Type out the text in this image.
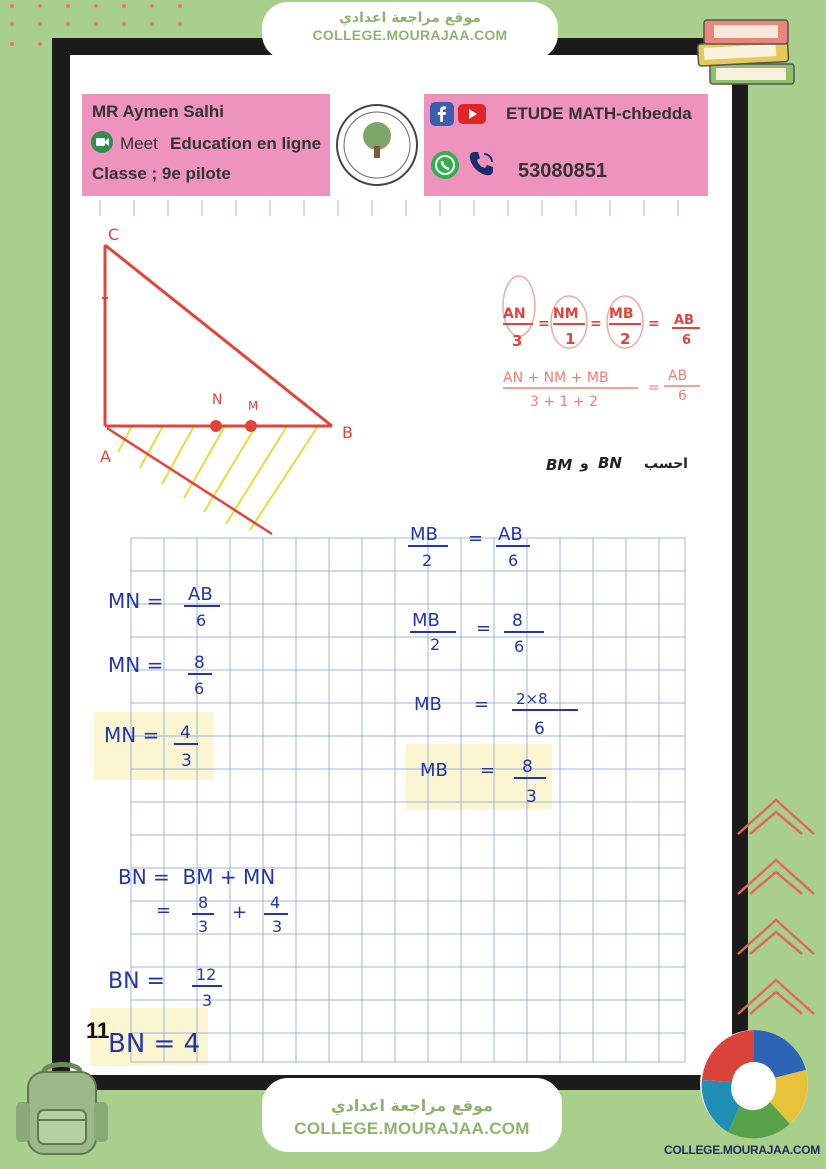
موقع مراجعة اعدادي
COLLEGE.MOURAJAA.COM
MR Aymen Salhi
Meet Education en ligne
Classe ; 9e pilote
ETUDE MATH-chbedda
53080851
C
A
B
N M
AN
3
=
NM
1
=
MB
2
= AB
6
AN + NM + MB
3 + 1 + 2
=
AB
6
احسب
BN
و
BM
MN = AB
6
MN = 8
6
MN = 4
3
MB
2
= AB
6
MB
2
= 8
6
MB = 2×8
6
MB = 8
3
BN =  BM + MN
= 8
3
+ 4
3
BN = 12
3
BN = 4
11
موقع مراجعة اعدادي
COLLEGE.MOURAJAA.COM
COLLEGE.MOURAJAA.COM
